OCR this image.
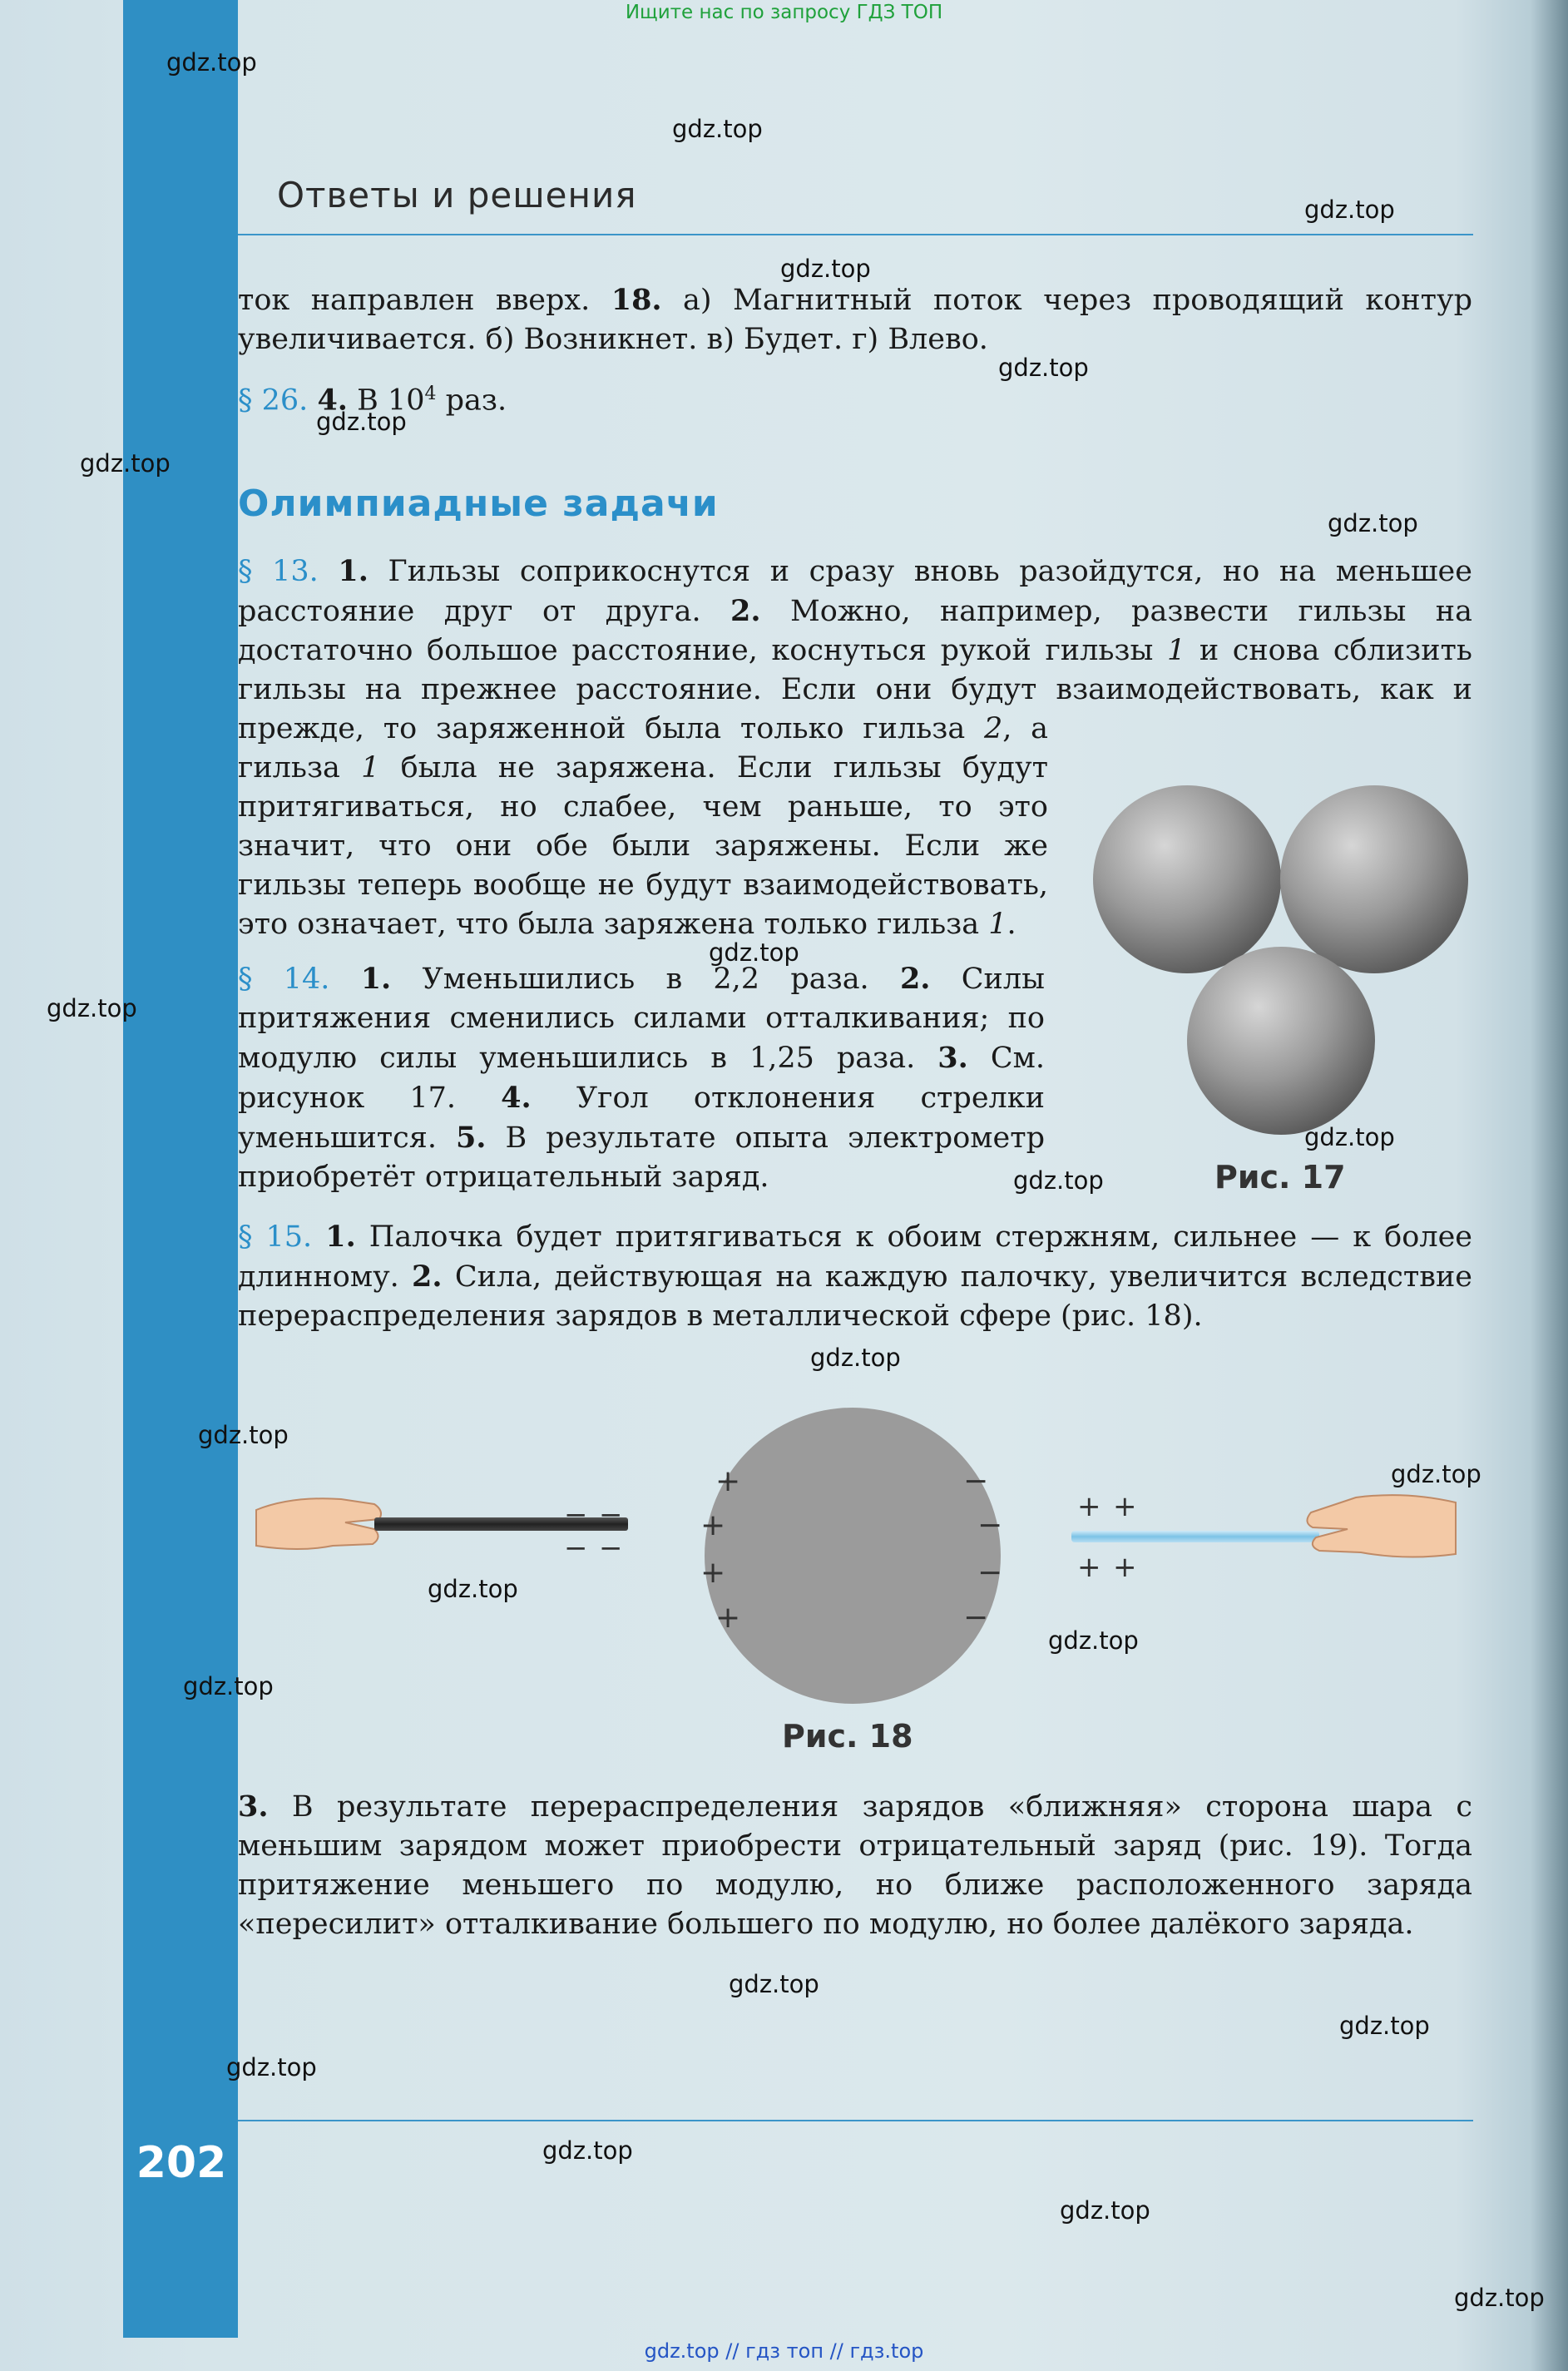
Ищите нас по запросу ГДЗ ТОП
Ответы и решения

ток направлен вверх. 18. а) Магнитный поток через проводящий контур увеличивается. б) Возникнет. в) Будет. г) Влево.

§ 26. 4. В $10^4$ раз.

Олимпиадные задачи

§ 13. 1. Гильзы соприкоснутся и сразу вновь разойдутся, но на меньшее расстояние друг от друга. 2. Можно, например, развести гильзы на достаточно большое расстояние, коснуться рукой гильзы 1 и снова сблизить гильзы на прежнее расстояние. Если они будут взаимодействовать, как и прежде, то заряженной была только гильза 2, а гильза 1 была не заряжена. Если гильзы будут притягиваться, но слабее, чем раньше, то это значит, что они обе были заряжены. Если же гильзы теперь вообще не будут взаимодействовать, это означает, что была заряжена только гильза 1.

Рис. 17

§ 14. 1. Уменьшились в 2,2 раза. 2. Силы притяжения сменились силами отталкивания; по модулю силы уменьшились в 1,25 раза. 3. См. рисунок 17. 4. Угол отклонения стрелки уменьшится. 5. В результате опыта электрометр приобретёт отрицательный заряд.

§ 15. 1. Палочка будет притягиваться к обоим стержням, сильнее — к более длинному. 2. Сила, действующая на каждую палочку, увеличится вследствие перераспределения зарядов в металлической сфере (рис. 18).

− −
− −
+
+
+
+
−
−
−
−
+ +
+ +
Рис. 18

3. В результате перераспределения зарядов «ближняя» сторона шара с меньшим зарядом может приобрести отрицательный заряд (рис. 19). Тогда притяжение меньшего по модулю, но ближе расположенного заряда «пересилит» отталкивание большего по модулю, но более далёкого заряда.

202
gdz.top
gdz.top
gdz.top
gdz.top
gdz.top
gdz.top
gdz.top
gdz.top
gdz.top
gdz.top
gdz.top
gdz.top
gdz.top
gdz.top
gdz.top
gdz.top
gdz.top
gdz.top
gdz.top
gdz.top
gdz.top
gdz.top
gdz.top
gdz.top
gdz.top // гдз топ // гдз.top
